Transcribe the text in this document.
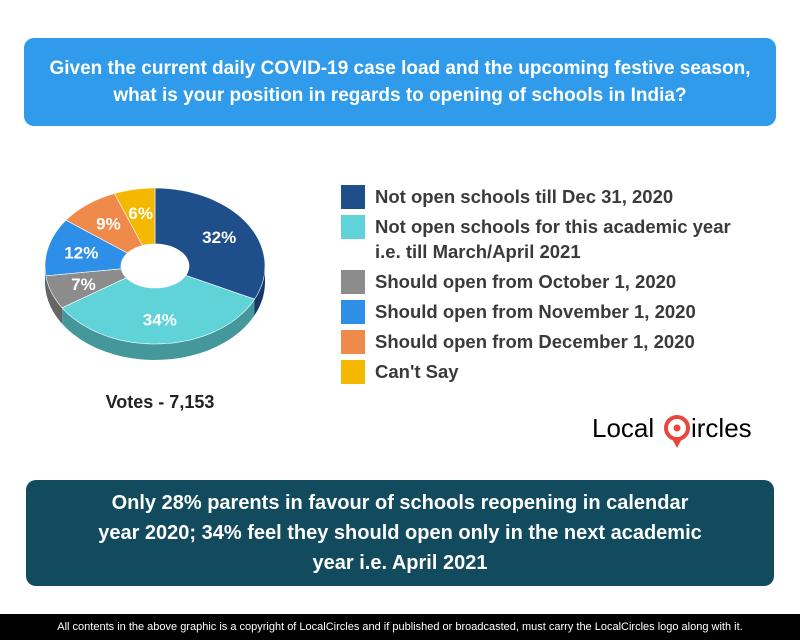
Given the current daily COVID-19 case load and the upcoming festive season,
what is your position in regards to opening of schools in India?
32%
34%
7%
12%
9%
6%
Votes - 7,153
Not open schools till Dec 31, 2020
Not open schools for this academic year
i.e. till March/April 2021
Should open from October 1, 2020
Should open from November 1, 2020
Should open from December 1, 2020
Can't Say
Local ircles
Only 28% parents in favour of schools reopening in calendar
year 2020; 34% feel they should open only in the next academic
year i.e. April 2021
All contents in the above graphic is a copyright of LocalCircles and if published or broadcasted, must carry the LocalCircles logo along with it.
